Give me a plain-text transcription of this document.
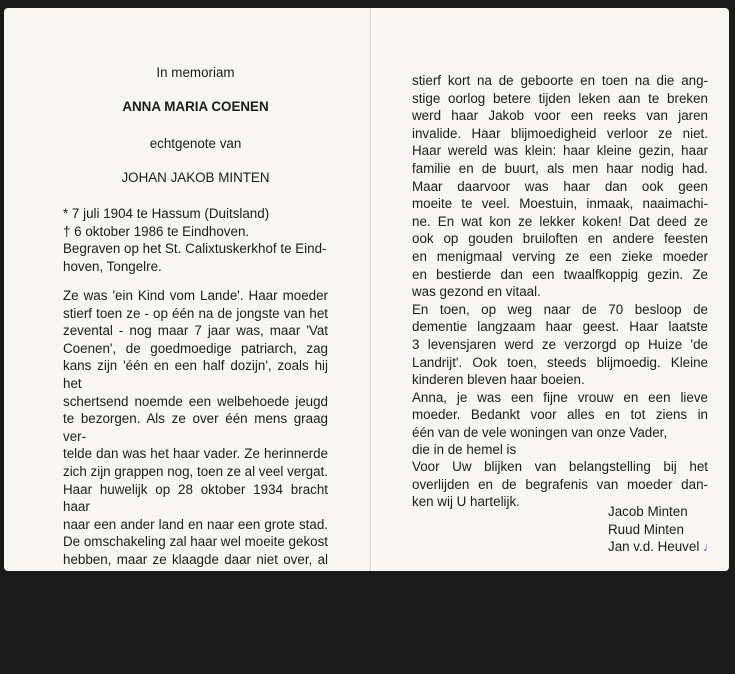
In memoriam
ANNA MARIA COENEN
echtgenote van
JOHAN JAKOB MINTEN
* 7 juli 1904 te Hassum (Duitsland)
† 6 oktober 1986 te Eindhoven.
Begraven op het St. Calixtuskerkhof te Eind-
hoven, Tongelre.
Ze was 'ein Kind vom Lande'. Haar moeder
stierf toen ze - op één na de jongste van het
zevental - nog maar 7 jaar was, maar 'Vat
Coenen', de goedmoedige patriarch, zag
kans zijn 'één en een half dozijn', zoals hij het
schertsend noemde een welbehoede jeugd
te bezorgen. Als ze over één mens graag ver-
telde dan was het haar vader. Ze herinnerde
zich zijn grappen nog, toen ze al veel vergat.
Haar huwelijk op 28 oktober 1934 bracht haar
naar een ander land en naar een grote stad.
De omschakeling zal haar wel moeite gekost
hebben, maar ze klaagde daar niet over, al
bleef ze met 'bij ons' altijd haar geboortedorp
bedoelen. Teleurstellingen vielen haar ten
deel: al vóór de geboorte van haar eerste kind
werd haar man werkeloos; haar tweede kind
stierf kort na de geboorte en toen na die ang-
stige oorlog betere tijden leken aan te breken
werd haar Jakob voor een reeks van jaren
invalide. Haar blijmoedigheid verloor ze niet.
Haar wereld was klein: haar kleine gezin, haar
familie en de buurt, als men haar nodig had.
Maar daarvoor was haar dan ook geen
moeite te veel. Moestuin, inmaak, naaimachi-
ne. En wat kon ze lekker koken! Dat deed ze
ook op gouden bruiloften en andere feesten
en menigmaal verving ze een zieke moeder
en bestierde dan een twaalfkoppig gezin. Ze
was gezond en vitaal.
En toen, op weg naar de 70 besloop de
dementie langzaam haar geest. Haar laatste
3 levensjaren werd ze verzorgd op Huize 'de
Landrijt'. Ook toen, steeds blijmoedig. Kleine
kinderen bleven haar boeien.
Anna, je was een fijne vrouw en een lieve
moeder. Bedankt voor alles en tot ziens in
één van de vele woningen van onze Vader,
die in de hemel is
Voor Uw blijken van belangstelling bij het
overlijden en de begrafenis van moeder dan-
ken wij U hartelijk.
Jacob Minten
Ruud Minten
Jan v.d. Heuvel ♩
